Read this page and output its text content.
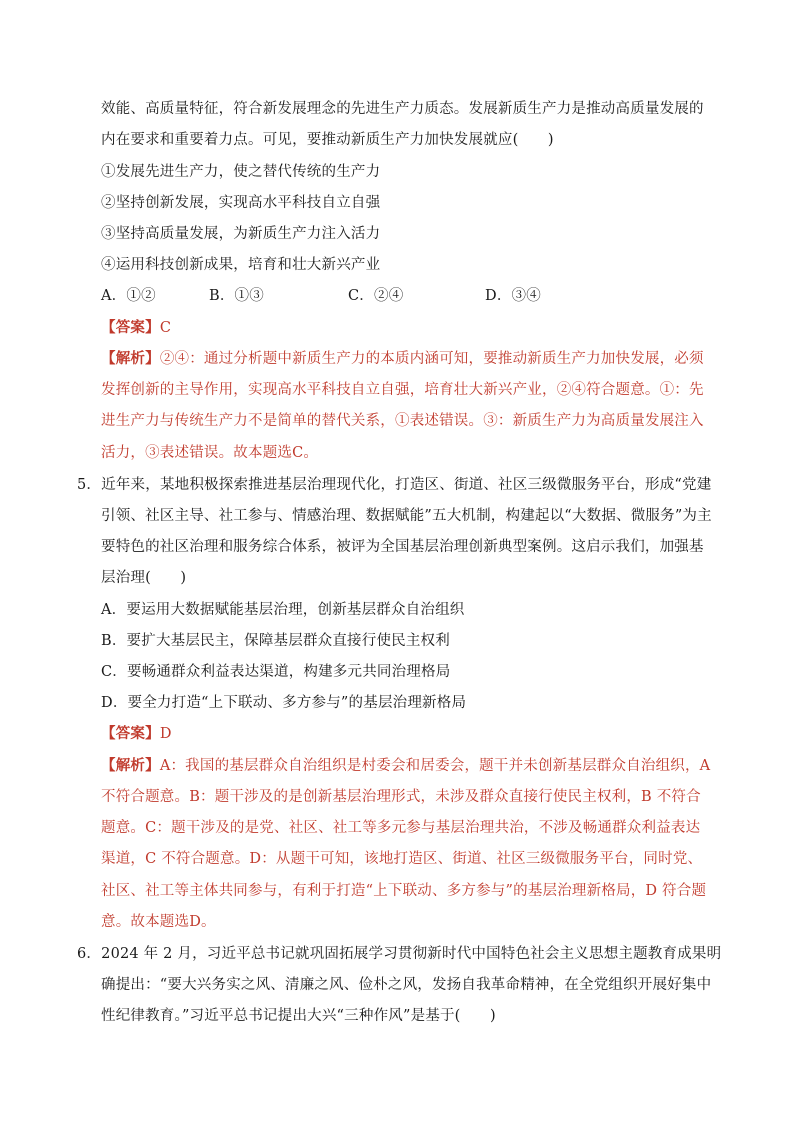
效能、高质量特征，符合新发展理念的先进生产力质态。发展新质生产力是推动高质量发展的
内在要求和重要着力点。可见，要推动新质生产力加快发展就应(　　)
①发展先进生产力，使之替代传统的生产力
②坚持创新发展，实现高水平科技自立自强
③坚持高质量发展，为新质生产力注入活力
④运用科技创新成果，培育和壮大新兴产业
A．①②	B．①③	C．②④	D．③④
【答案】C
【解析】②④：通过分析题中新质生产力的本质内涵可知，要推动新质生产力加快发展，必须
发挥创新的主导作用，实现高水平科技自立自强，培育壮大新兴产业，②④符合题意。①：先
进生产力与传统生产力不是简单的替代关系，①表述错误。③：新质生产力为高质量发展注入
活力，③表述错误。故本题选C。
5．近年来，某地积极探索推进基层治理现代化，打造区、街道、社区三级微服务平台，形成“党建
引领、社区主导、社工参与、情感治理、数据赋能”五大机制，构建起以“大数据、微服务”为主
要特色的社区治理和服务综合体系，被评为全国基层治理创新典型案例。这启示我们，加强基
层治理(　　)
A．要运用大数据赋能基层治理，创新基层群众自治组织
B．要扩大基层民主，保障基层群众直接行使民主权利
C．要畅通群众利益表达渠道，构建多元共同治理格局
D．要全力打造“上下联动、多方参与”的基层治理新格局
【答案】D
【解析】A：我国的基层群众自治组织是村委会和居委会，题干并未创新基层群众自治组织，A
不符合题意。B：题干涉及的是创新基层治理形式，未涉及群众直接行使民主权利，B 不符合
题意。C：题干涉及的是党、社区、社工等多元参与基层治理共治，不涉及畅通群众利益表达
渠道，C 不符合题意。D：从题干可知，该地打造区、街道、社区三级微服务平台，同时党、
社区、社工等主体共同参与，有利于打造“上下联动、多方参与”的基层治理新格局，D 符合题
意。故本题选D。
6．2024 年 2 月，习近平总书记就巩固拓展学习贯彻新时代中国特色社会主义思想主题教育成果明
确提出：“要大兴务实之风、清廉之风、俭朴之风，发扬自我革命精神，在全党组织开展好集中
性纪律教育。”习近平总书记提出大兴“三种作风”是基于(　　)
